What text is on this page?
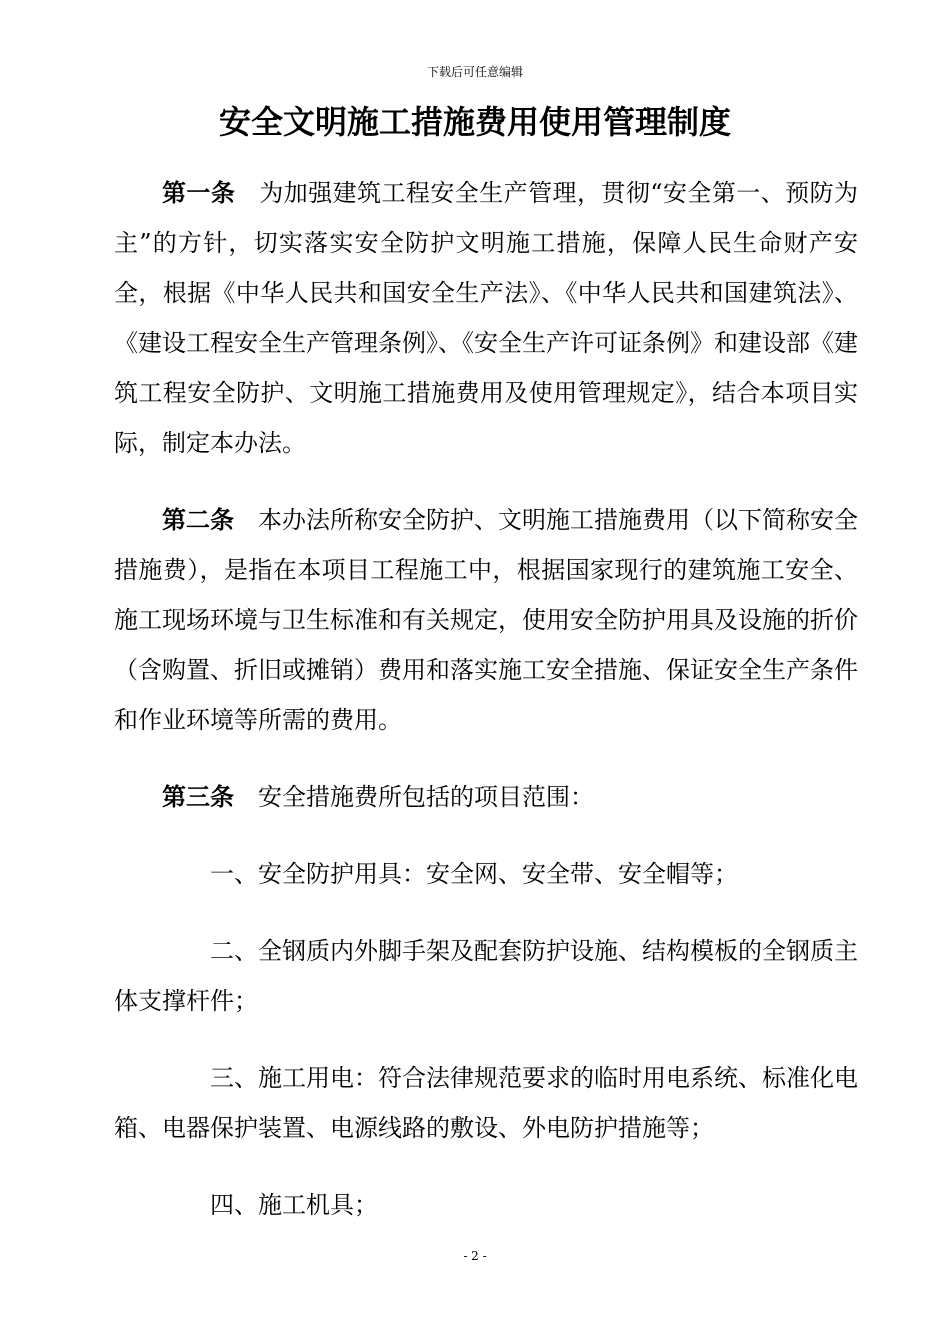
下载后可任意编辑
安全文明施工措施费用使用管理制度

第一条 为加强建筑工程安全生产管理，贯彻“安全第一、预防为主”的方针，切实落实安全防护文明施工措施，保障人民生命财产安全，根据《中华人民共和国安全生产法》、《中华人民共和国建筑法》、《建设工程安全生产管理条例》、《安全生产许可证条例》和建设部《建筑工程安全防护、文明施工措施费用及使用管理规定》，结合本项目实际，制定本办法。

第二条 本办法所称安全防护、文明施工措施费用（以下简称安全措施费），是指在本项目工程施工中，根据国家现行的建筑施工安全、施工现场环境与卫生标准和有关规定，使用安全防护用具及设施的折价（含购置、折旧或摊销）费用和落实施工安全措施、保证安全生产条件和作业环境等所需的费用。

第三条 安全措施费所包括的项目范围：

一、安全防护用具：安全网、安全带、安全帽等；

二、全钢质内外脚手架及配套防护设施、结构模板的全钢质主体支撑杆件；

三、施工用电：符合法律规范要求的临时用电系统、标准化电箱、电器保护装置、电源线路的敷设、外电防护措施等；

四、施工机具；

- 2 -
